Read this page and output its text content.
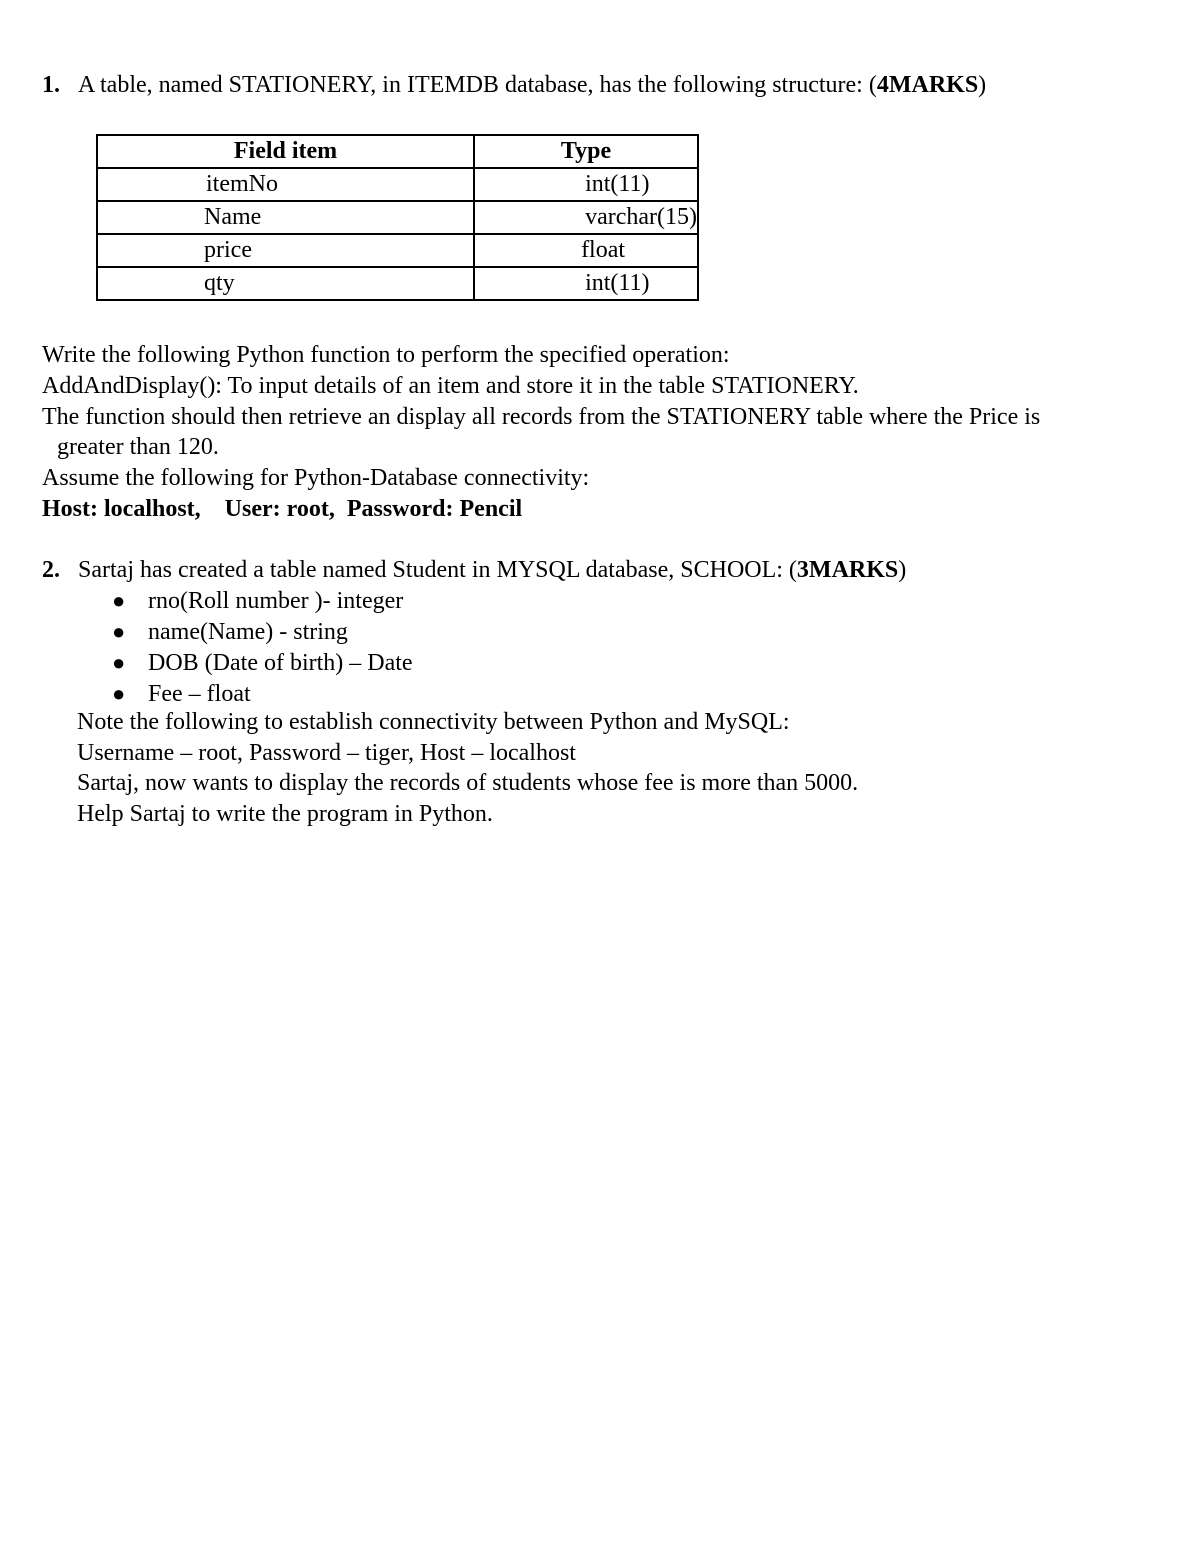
1. A table, named STATIONERY, in ITEMDB database, has the following structure: (4MARKS)
Field item	Type
itemNo	int(11)
Name	varchar(15)
price	float
qty	int(11)
Write the following Python function to perform the specified operation:
AddAndDisplay(): To input details of an item and store it in the table STATIONERY.
The function should then retrieve an display all records from the STATIONERY table where the Price is
greater than 120.
Assume the following for Python-Database connectivity:
Host: localhost,    User: root,  Password: Pencil
2. Sartaj has created a table named Student in MYSQL database, SCHOOL: (3MARKS)
● rno(Roll number )- integer
● name(Name) - string
● DOB (Date of birth) – Date
● Fee – float
Note the following to establish connectivity between Python and MySQL:
Username – root, Password – tiger, Host – localhost
Sartaj, now wants to display the records of students whose fee is more than 5000.
Help Sartaj to write the program in Python.
